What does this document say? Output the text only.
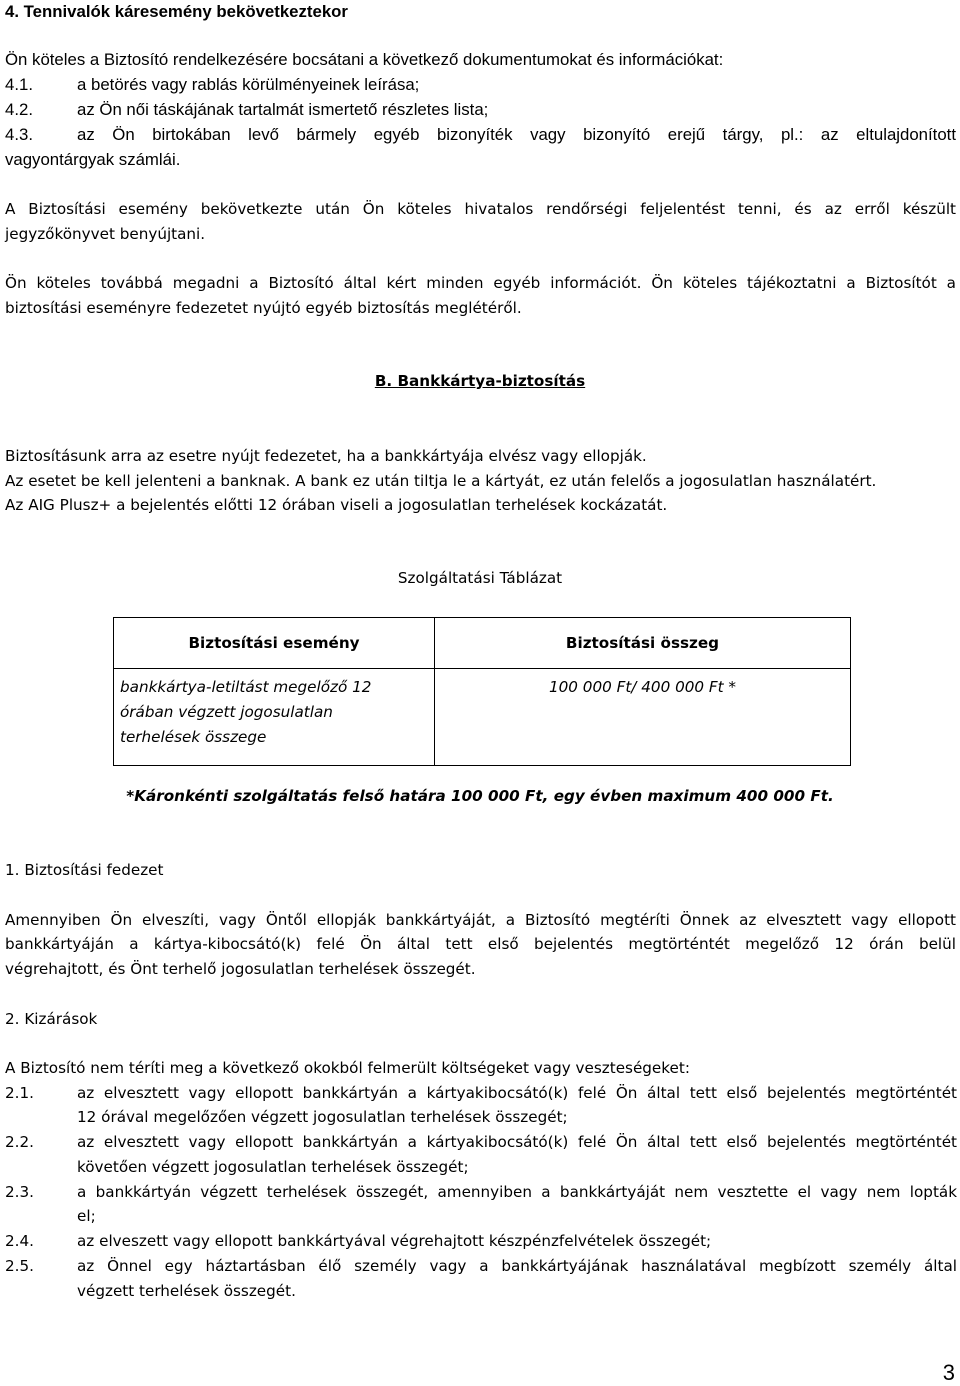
4. Tennivalók káresemény bekövetkeztekor
Ön köteles a Biztosító rendelkezésére bocsátani a következő dokumentumokat és információkat:
4.1.	a betörés vagy rablás körülményeinek leírása;
4.2.	az Ön női táskájának tartalmát ismertető részletes lista;
4.3.	az Ön birtokában levő bármely egyéb bizonyíték vagy bizonyító erejű tárgy, pl.: az eltulajdonított
vagyontárgyak számlái.
A Biztosítási esemény bekövetkezte után Ön köteles hivatalos rendőrségi feljelentést tenni, és az erről készült
jegyzőkönyvet benyújtani.
Ön köteles továbbá megadni a Biztosító által kért minden egyéb információt. Ön köteles tájékoztatni a Biztosítót a
biztosítási eseményre fedezetet nyújtó egyéb biztosítás meglétéről.
B. Bankkártya-biztosítás
Biztosításunk arra az esetre nyújt fedezetet, ha a bankkártyája elvész vagy ellopják.
Az esetet be kell jelenteni a banknak. A bank ez után tiltja le a kártyát, ez után felelős a jogosulatlan használatért.
Az AIG Plusz+ a bejelentés előtti 12 órában viseli a jogosulatlan terhelések kockázatát.
Szolgáltatási Táblázat
Biztosítási esemény	Biztosítási összeg

bankkártya-letiltást megelőző 12
órában végzett jogosulatlan
terhelések összege	100 000 Ft/ 400 000 Ft *
*Káronkénti szolgáltatás felső határa 100 000 Ft, egy évben maximum 400 000 Ft.
1. Biztosítási fedezet
Amennyiben Ön elveszíti, vagy Öntől ellopják bankkártyáját, a Biztosító megtéríti Önnek az elvesztett vagy ellopott
bankkártyáján a kártya-kibocsátó(k) felé Ön által tett első bejelentés megtörténtét megelőző 12 órán belül
végrehajtott, és Önt terhelő jogosulatlan terhelések összegét.
2. Kizárások
A Biztosító nem téríti meg a következő okokból felmerült költségeket vagy veszteségeket:
2.1.	az elvesztett vagy ellopott bankkártyán a kártyakibocsátó(k) felé Ön által tett első bejelentés megtörténtét
12 órával megelőzően végzett jogosulatlan terhelések összegét;
2.2.	az elvesztett vagy ellopott bankkártyán a kártyakibocsátó(k) felé Ön által tett első bejelentés megtörténtét
követően végzett jogosulatlan terhelések összegét;
2.3.	a bankkártyán végzett terhelések összegét, amennyiben a bankkártyáját nem vesztette el vagy nem lopták
el;
2.4.	az elveszett vagy ellopott bankkártyával végrehajtott készpénzfelvételek összegét;
2.5.	az Önnel egy háztartásban élő személy vagy a bankkártyájának használatával megbízott személy által
végzett terhelések összegét.
3
